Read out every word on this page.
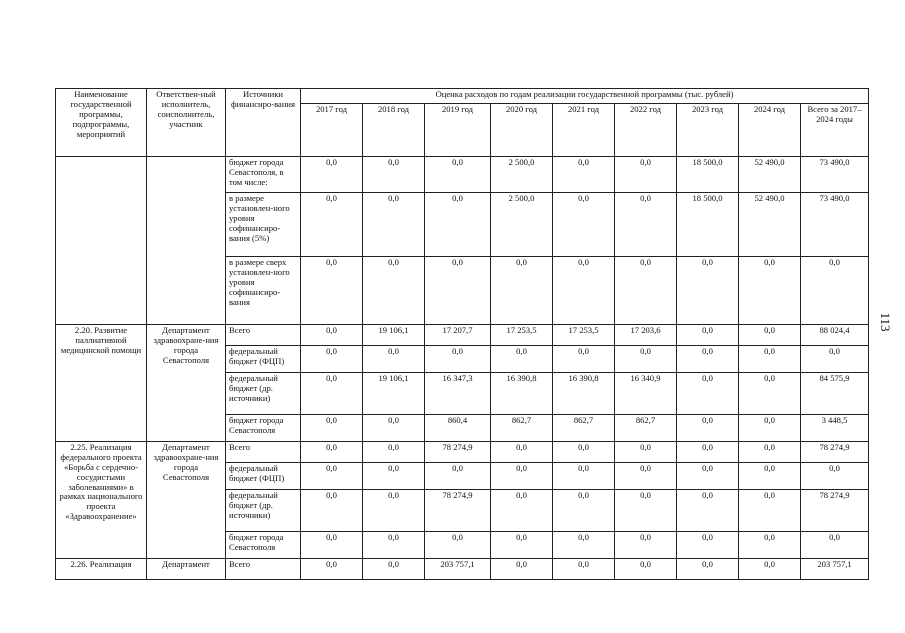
113
Наименование государственной программы, подпрограммы, мероприятий	Ответствен-ный исполнитель, соисполнитель, участник	Источники финансиро-вания	Оценка расходов по годам реализации государственной программы (тыс. рублей)								
			2017 год	2018 год	2019 год	2020 год	2021 год	2022 год	2023 год	2024 год	Всего за 2017–2024 годы
		бюджет города Севастополя, в том числе:	0,0	0,0	0,0	2 500,0	0,0	0,0	18 500,0	52 490,0	73 490,0
		в размере установлен-ного уровня софинансиро-вания (5%)	0,0	0,0	0,0	2 500,0	0,0	0,0	18 500,0	52 490,0	73 490,0
		в размере сверх установлен-ного уровня софинансиро-вания	0,0	0,0	0,0	0,0	0,0	0,0	0,0	0,0	0,0
2.20. Развитие паллиативной медицинской помощи	Департамент здравоохране-ния города Севастополя	Всего	0,0	19 106,1	17 207,7	17 253,5	17 253,5	17 203,6	0,0	0,0	88 024,4
		федеральный бюджет (ФЦП)	0,0	0,0	0,0	0,0	0,0	0,0	0,0	0,0	0,0
		федеральный бюджет (др. источники)	0,0	19 106,1	16 347,3	16 390,8	16 390,8	16 340,9	0,0	0,0	84 575,9
		бюджет города Севастополя	0,0	0,0	860,4	862,7	862,7	862,7	0,0	0,0	3 448,5
2.25. Реализация федерального проекта «Борьба с сердечно-сосудистыми заболеваниями» в рамках национального проекта «Здравоохранение»	Департамент здравоохране-ния города Севастополя	Всего	0,0	0,0	78 274,9	0,0	0,0	0,0	0,0	0,0	78 274,9
		федеральный бюджет (ФЦП)	0,0	0,0	0,0	0,0	0,0	0,0	0,0	0,0	0,0
		федеральный бюджет (др. источники)	0,0	0,0	78 274,9	0,0	0,0	0,0	0,0	0,0	78 274,9
		бюджет города Севастополя	0,0	0,0	0,0	0,0	0,0	0,0	0,0	0,0	0,0
2.26. Реализация	Департамент	Всего	0,0	0,0	203 757,1	0,0	0,0	0,0	0,0	0,0	203 757,1
